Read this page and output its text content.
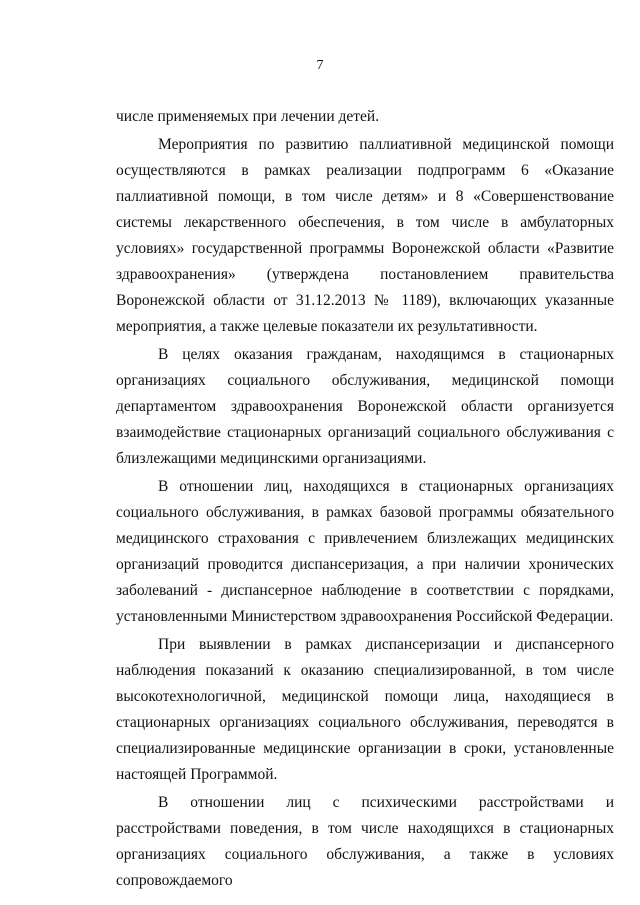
7

числе применяемых при лечении детей.

Мероприятия по развитию паллиативной медицинской помощи осуществляются в рамках реализации подпрограмм 6 «Оказание паллиативной помощи, в том числе детям» и 8 «Совершенствование системы лекарственного обеспечения, в том числе в амбулаторных условиях» государственной программы Воронежской области «Развитие здравоохранения» (утверждена постановлением правительства Воронежской области от 31.12.2013 № 1189), включающих указанные мероприятия, а также целевые показатели их результативности.

В целях оказания гражданам, находящимся в стационарных организациях социального обслуживания, медицинской помощи департаментом здравоохранения Воронежской области организуется взаимодействие стационарных организаций социального обслуживания с близлежащими медицинскими организациями.

В отношении лиц, находящихся в стационарных организациях социального обслуживания, в рамках базовой программы обязательного медицинского страхования с привлечением близлежащих медицинских организаций проводится диспансеризация, а при наличии хронических заболеваний - диспансерное наблюдение в соответствии с порядками, установленными Министерством здравоохранения Российской Федерации.

При выявлении в рамках диспансеризации и диспансерного наблюдения показаний к оказанию специализированной, в том числе высокотехнологичной, медицинской помощи лица, находящиеся в стационарных организациях социального обслуживания, переводятся в специализированные медицинские организации в сроки, установленные настоящей Программой.

В отношении лиц с психическими расстройствами и расстройствами поведения, в том числе находящихся в стационарных организациях социального обслуживания, а также в условиях сопровождаемого
